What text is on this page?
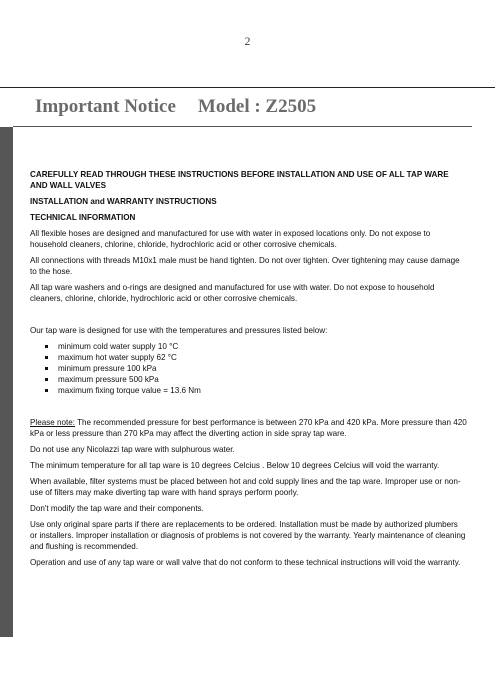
2
Important Notice Model : Z2505

CAREFULLY READ THROUGH THESE INSTRUCTIONS BEFORE INSTALLATION AND USE OF ALL TAP WARE AND WALL VALVES

INSTALLATION and WARRANTY INSTRUCTIONS

TECHNICAL INFORMATION

All flexible hoses are designed and manufactured for use with water in exposed locations only. Do not expose to household cleaners, chlorine, chloride, hydrochloric acid or other corrosive chemicals.

All connections with threads M10x1 male must be hand tighten. Do not over tighten. Over tightening may cause damage to the hose.

All tap ware washers and o-rings are designed and manufactured for use with water. Do not expose to household cleaners, chlorine, chloride, hydrochloric acid or other corrosive chemicals.

Our tap ware is designed for use with the temperatures and pressures listed below:

minimum cold water supply 10 °C
maximum hot water supply 62 °C
minimum pressure 100 kPa
maximum pressure 500 kPa
maximum fixing torque value = 13.6 Nm

Please note: The recommended pressure for best performance is between 270 kPa and 420 kPa. More pressure than 420 kPa or less pressure than 270 kPa may affect the diverting action in side spray tap ware.

Do not use any Nicolazzi tap ware with sulphurous water.

The minimum temperature for all tap ware is 10 degrees Celcius . Below 10 degrees Celcius will void the warranty.

When available, filter systems must be placed between hot and cold supply lines and the tap ware. Improper use or non-use of filters may make diverting tap ware with hand sprays perform poorly.

Don't modify the tap ware and their components.

Use only original spare parts if there are replacements to be ordered. Installation must be made by authorized plumbers or installers. Improper installation or diagnosis of problems is not covered by the warranty. Yearly maintenance of cleaning and flushing is recommended.

Operation and use of any tap ware or wall valve that do not conform to these technical instructions will void the warranty.
